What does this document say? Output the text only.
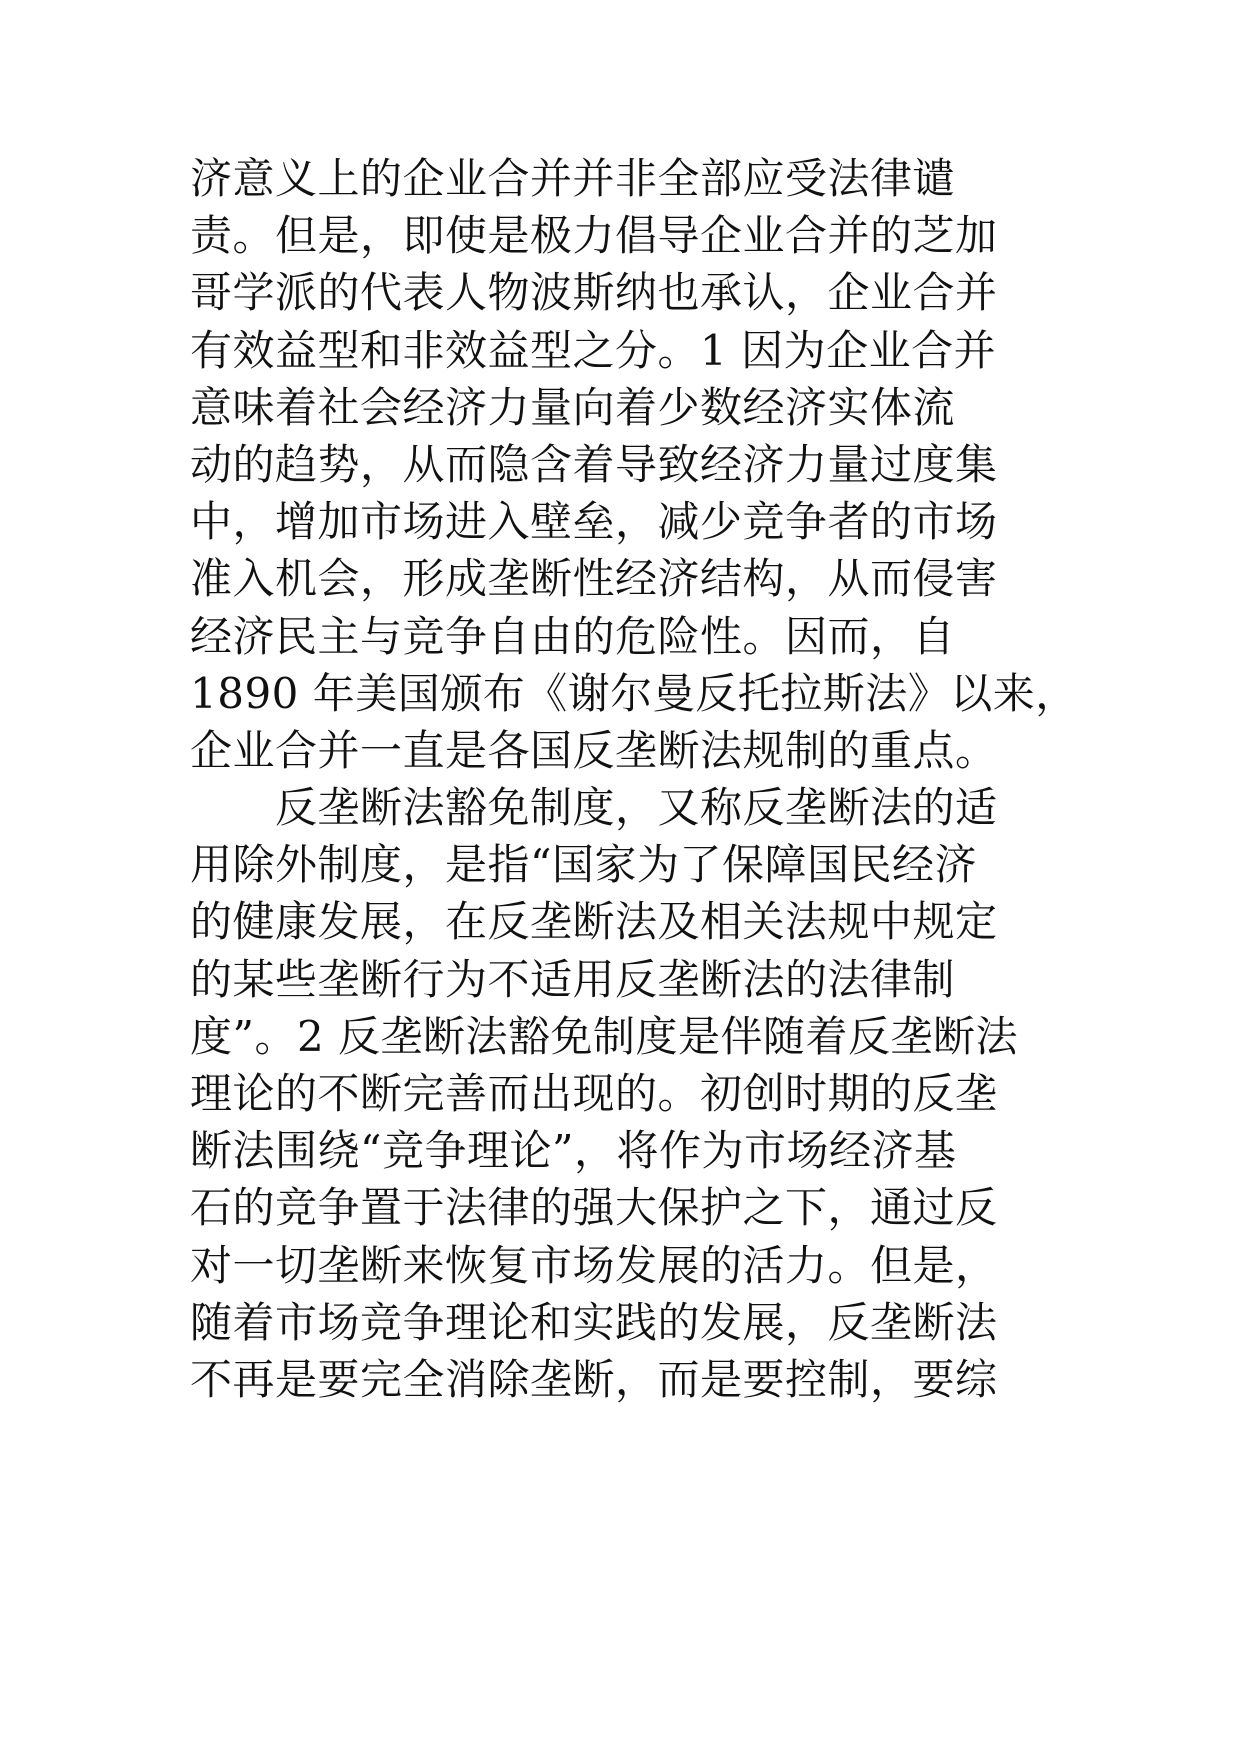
济意义上的企业合并并非全部应受法律谴
责。但是，即使是极力倡导企业合并的芝加
哥学派的代表人物波斯纳也承认，企业合并
有效益型和非效益型之分。1 因为企业合并
意味着社会经济力量向着少数经济实体流
动的趋势，从而隐含着导致经济力量过度集
中，增加市场进入壁垒，减少竞争者的市场
准入机会，形成垄断性经济结构，从而侵害
经济民主与竞争自由的危险性。因而，自
1890 年美国颁布《谢尔曼反托拉斯法》以来，
企业合并一直是各国反垄断法规制的重点。
　　反垄断法豁免制度，又称反垄断法的适
用除外制度，是指“国家为了保障国民经济
的健康发展，在反垄断法及相关法规中规定
的某些垄断行为不适用反垄断法的法律制
度”。2 反垄断法豁免制度是伴随着反垄断法
理论的不断完善而出现的。初创时期的反垄
断法围绕“竞争理论”，将作为市场经济基
石的竞争置于法律的强大保护之下，通过反
对一切垄断来恢复市场发展的活力。但是，
随着市场竞争理论和实践的发展，反垄断法
不再是要完全消除垄断，而是要控制，要综
